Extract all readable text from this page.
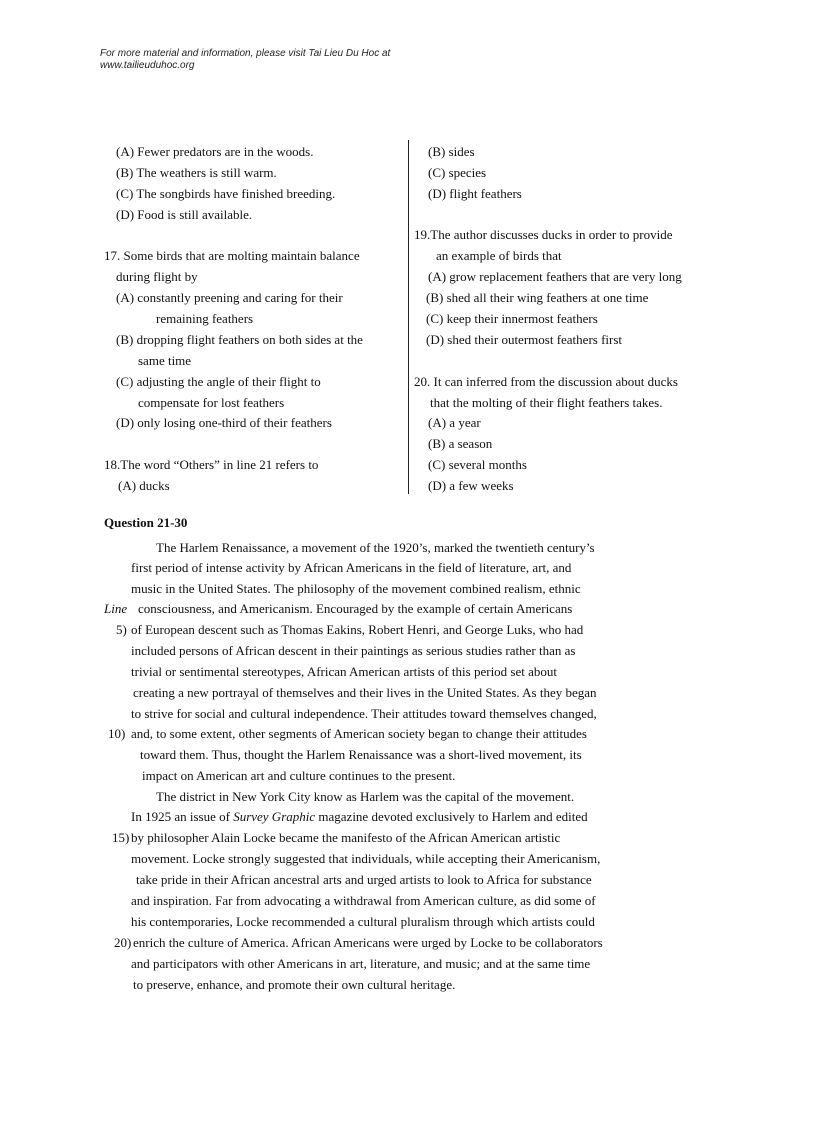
For more material and information, please visit Tai Lieu Du Hoc at
www.tailieuduhoc.org
(A) Fewer predators are in the woods.
(B) The weathers is still warm.
(C) The songbirds have finished breeding.
(D) Food is still available.
17. Some birds that are molting maintain balance
during flight by
(A) constantly preening and caring for their
remaining feathers
(B) dropping flight feathers on both sides at the
same time
(C) adjusting the angle of their flight to
compensate for lost feathers
(D) only losing one-third of their feathers
18.The word “Others” in line 21 refers to
(A) ducks
(B) sides
(C) species
(D) flight feathers
19.The author discusses ducks in order to provide
an example of birds that
(A) grow replacement feathers that are very long
(B) shed all their wing feathers at one time
(C) keep their innermost feathers
(D) shed their outermost feathers first
20. It can inferred from the discussion about ducks
that the molting of their flight feathers takes.
(A) a year
(B) a season
(C) several months
(D) a few weeks
Question 21-30
Line
5)
10)
15)
20)
The Harlem Renaissance, a movement of the 1920’s, marked the twentieth century’s
first period of intense activity by African Americans in the field of literature, art, and
music in the United States. The philosophy of the movement combined realism, ethnic
consciousness, and Americanism. Encouraged by the example of certain Americans
of European descent such as Thomas Eakins, Robert Henri, and George Luks, who had
included persons of African descent in their paintings as serious studies rather than as
trivial or sentimental stereotypes, African American artists of this period set about
creating a new portrayal of themselves and their lives in the United States. As they began
to strive for social and cultural independence. Their attitudes toward themselves changed,
and, to some extent, other segments of American society began to change their attitudes
toward them. Thus, thought the Harlem Renaissance was a short-lived movement, its
impact on American art and culture continues to the present.
The district in New York City know as Harlem was the capital of the movement.
In 1925 an issue of Survey Graphic magazine devoted exclusively to Harlem and edited
by philosopher Alain Locke became the manifesto of the African American artistic
movement. Locke strongly suggested that individuals, while accepting their Americanism,
take pride in their African ancestral arts and urged artists to look to Africa for substance
and inspiration. Far from advocating a withdrawal from American culture, as did some of
his contemporaries, Locke recommended a cultural pluralism through which artists could
enrich the culture of America. African Americans were urged by Locke to be collaborators
and participators with other Americans in art, literature, and music; and at the same time
to preserve, enhance, and promote their own cultural heritage.
